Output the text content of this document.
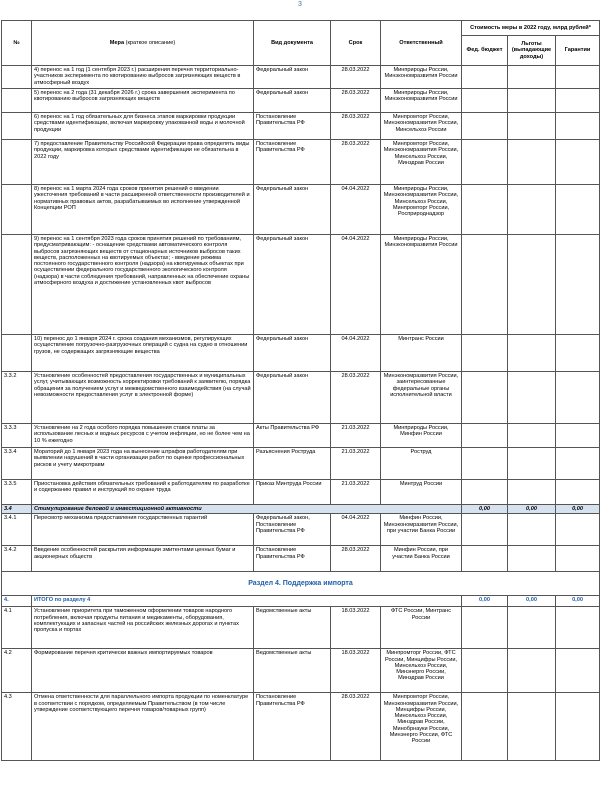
3
№	Мера (краткое описание)	Вид документа	Срок	Ответственный	Стоимость меры в 2022 году, млрд рублей*		
					Фед. бюджет	Льготы (выпадающие доходы)	Гарантии
	4) перенос на 1 год (1 сентября 2023 г.) расширения перечня территориально-участников эксперимента по квотированию выбросов загрязняющих веществ в атмосферный воздух	Федеральный закон	28.03.2022	Минприроды России, Минэкономразвития России			
	5) перенос на 2 года (31 декабря 2026 г.) срока завершения эксперимента по квотированию выбросов загрязняющих веществ	Федеральный закон	28.03.2022	Минприроды России, Минэкономразвития России			
	6) перенос на 1 год обязательных для бизнеса этапов маркировки продукции средствами идентификации, включая маркировку упакованной воды и молочной продукции	Постановление Правительства РФ	28.03.2022	Минпромторг России, Минэкономразвития России, Минсельхоз России			
	7) предоставление Правительству Российской Федерации права определять виды продукции, маркировка которых средствами идентификации не обязательна в 2022 году	Постановление Правительства РФ	28.03.2022	Минпромторг России, Минэкономразвития России, Минсельхоз России, Минздрав России			
	8) перенос на 1 марта 2024 года сроков принятия решений о введении ужесточения требований в части расширенной ответственности производителей и нормативных правовых актов, разрабатываемых во исполнение утвержденной Концепции РОП	Федеральный закон	04.04.2022	Минприроды России, Минэкономразвития России, Минсельхоз России, Минпромторг России, Росприроднадзор			
	9) перенос на 1 сентября 2023 года сроков принятия решений по требованиям, предусматривающим: - оснащение средствами автоматического контроля выбросов загрязняющих веществ от стационарных источников выбросов таких веществ, расположенных на квотируемых объектах; - введение режима постоянного государственного контроля (надзора) на квотируемых объектах при осуществлении федерального государственного экологического контроля (надзора) в части соблюдения требований, направленных на обеспечение охраны атмосферного воздуха и достижение установленных квот выбросов	Федеральный закон	04.04.2022	Минприроды России, Минэкономразвития России			
	10) перенос до 1 января 2024 г. срока создания механизмов, регулирующих осуществление погрузочно-разгрузочных операций с судна на судно в отношении грузов, не содержащих загрязняющие вещества	Федеральный закон	04.04.2022	Минтранс России			
3.3.2	Установление особенностей предоставления государственных и муниципальных услуг, учитывающих возможность корректировки требований к заявителю, порядка обращения за получением услуг и межведомственного взаимодействия (на случай невозможности предоставления услуг в электронной форме)	Федеральный закон	28.03.2022	Минэкономразвития России, заинтересованные федеральные органы исполнительной власти			
3.3.3	Установление на 2 года особого порядка повышения ставок платы за использование лесных и водных ресурсов с учетом инфляции, но не более чем на 10 % ежегодно	Акты Правительства РФ	21.03.2022	Минприроды России, Минфин России			
3.3.4	Мораторий до 1 января 2023 года на вынесение штрафов работодателям при выявлении нарушений в части организации работ по оценке профессиональных рисков и учету микротравм	Разъяснения Роструда	21.03.2022	Роструд			
3.3.5	Приостановка действия обязательных требований к работодателям по разработке и содержанию правил и инструкций по охране труда	Приказ Минтруда России	21.03.2022	Минтруд России			
3.4	Стимулирование деловой и инвестиционной активности				0,00	0,00	0,00
3.4.1	Пересмотр механизма предоставления государственных гарантий	Федеральный закон, Постановление Правительства РФ	04.04.2022	Минфин России, Минэкономразвития России, при участии Банка России			
3.4.2	Введение особенностей раскрытия информации эмитентами ценных бумаг и акционерных обществ	Постановление Правительства РФ	28.03.2022	Минфин России, при участии Банка России			
Раздел 4. Поддержка импорта							
4.	ИТОГО по разделу 4				0,00	0,00	0,00
4.1	Установление приоритета при таможенном оформлении товаров народного потребления, включая продукты питания и медикаменты, оборудования, комплектующих и запасных частей на российских железных дорогах и пунктах пропуска и портах	Ведомственные акты	18.03.2022	ФТС России, Минтранс России			
4.2	Формирование перечня критически важных импортируемых товаров	Ведомственные акты	18.03.2022	Минпромторг России, ФТС России, Минцифры России, Минсельхоз России, Минэнерго России, Минздрав России			
4.3	Отмена ответственности для параллельного импорта продукции по номенклатуре в соответствии с порядком, определяемым Правительством (в том числе утверждение соответствующего перечня товаров/товарных групп)	Постановление Правительства РФ	28.03.2022	Минпромторг России, Минэкономразвития России, Минцифры России, Минсельхоз России, Минздрав России, Минобрнауки России, Минэнерго России, ФТС России			
